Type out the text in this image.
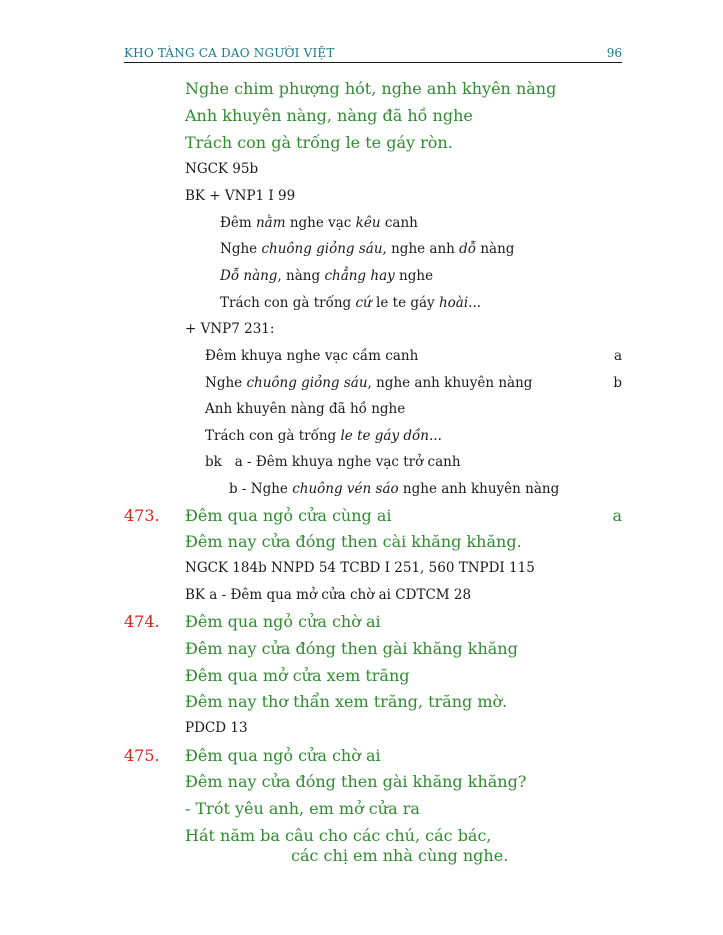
KHO TÀNG CA DAO NGƯỜI VIỆT	96
Nghe chim phượng hót, nghe anh khyên nàng
Anh khuyên nàng, nàng đã hồ nghe
Trách con gà trống le te gáy ròn.
NGCK 95b
BK + VNP1 I 99
Đêm nằm nghe vạc kêu canh
Nghe chuông giỏng sáu, nghe anh dỗ nàng
Dỗ nàng, nàng chẳng hay nghe
Trách con gà trống cứ le te gáy hoài...
+ VNP7 231:
Đêm khuya nghe vạc cầm canh	a
Nghe chuông giỏng sáu, nghe anh khuyên nàng	b
Anh khuyên nàng đã hồ nghe
Trách con gà trống le te gáy dồn...
bk   a - Đêm khuya nghe vạc trở canh
b - Nghe chuông vén sáo nghe anh khuyên nàng
473. Đêm qua ngỏ cửa cùng ai	a
Đêm nay cửa đóng then cài khăng khăng.
NGCK 184b NNPD 54 TCBD I 251, 560 TNPDI 115
BK a - Đêm qua mở cửa chờ ai CDTCM 28
474. Đêm qua ngỏ cửa chờ ai
Đêm nay cửa đóng then gài khăng khăng
Đêm qua mở cửa xem trăng
Đêm nay thơ thẩn xem trăng, trăng mờ.
PDCD 13
475. Đêm qua ngỏ cửa chờ ai
Đêm nay cửa đóng then gài khăng khăng?
- Trót yêu anh, em mở cửa ra
Hát năm ba câu cho các chú, các bác,
các chị em nhà cùng nghe.
